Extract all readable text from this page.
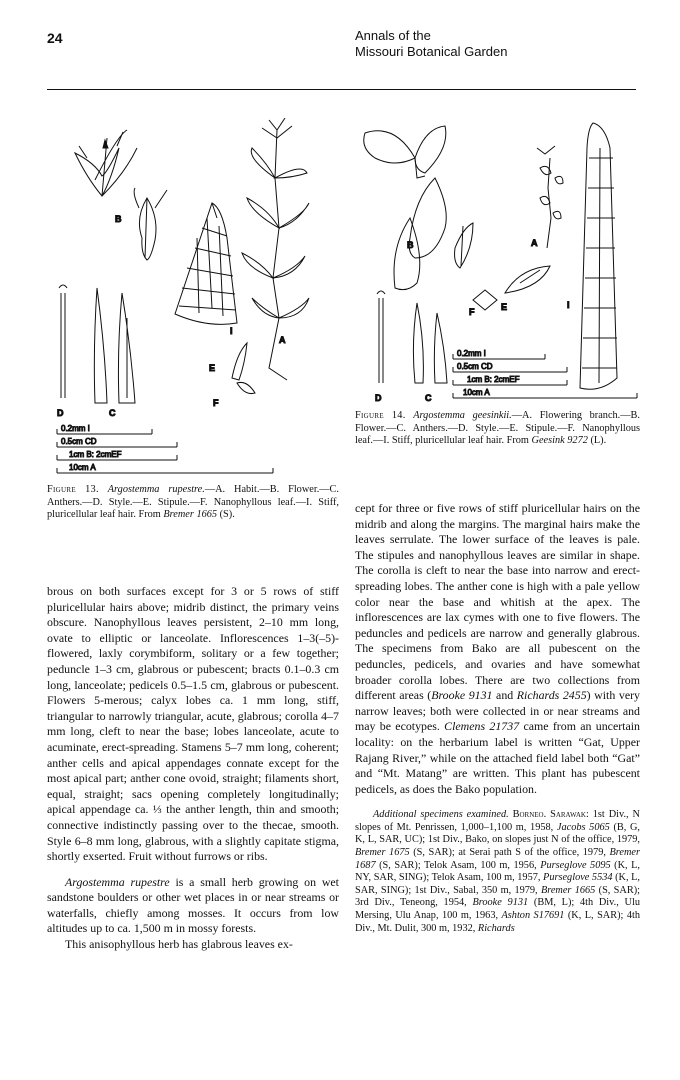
24	Annals of the
Missouri Botanical Garden
B
I
A
E
F
D	C
0.2mm I
0.5cm CD
1cm B: 2cmEF
10cm A
Figure 13. Argostemma rupestre.—A. Habit.—B. Flower.—C. Anthers.—D. Style.—E. Stipule.—F. Nanophyllous leaf.—I. Stiff, pluricellular leaf hair. From Bremer 1665 (S).
B	A
I
E
F
D	C
0.2mm I
0.5cm CD
1cm B: 2cmEF
10cm A
Figure 14. Argostemma geesinkii.—A. Flowering branch.—B. Flower.—C. Anthers.—D. Style.—E. Stipule.—F. Nanophyllous leaf.—I. Stiff, pluricellular leaf hair. From Geesink 9272 (L).

brous on both surfaces except for 3 or 5 rows of stiff pluricellular hairs above; midrib distinct, the primary veins obscure. Nanophyllous leaves persistent, 2–10 mm long, ovate to elliptic or lanceolate. Inflorescences 1–3(–5)-flowered, laxly corymbiform, solitary or a few together; peduncle 1–3 cm, glabrous or pubescent; bracts 0.1–0.3 cm long, lanceolate; pedicels 0.5–1.5 cm, glabrous or pubescent. Flowers 5-merous; calyx lobes ca. 1 mm long, stiff, triangular to narrowly triangular, acute, glabrous; corolla 4–7 mm long, cleft to near the base; lobes lanceolate, acute to acuminate, erect-spreading. Stamens 5–7 mm long, coherent; anther cells and apical appendages connate except for the most apical part; anther cone ovoid, straight; filaments short, equal, straight; sacs opening completely longitudinally; apical appendage ca. ⅓ the anther length, thin and smooth; connective indistinctly passing over to the thecae, smooth. Style 6–8 mm long, glabrous, with a slightly capitate stigma, shortly exserted. Fruit without furrows or ribs.

Argostemma rupestre is a small herb growing on wet sandstone boulders or other wet places in or near streams or waterfalls, chiefly among mosses. It occurs from low altitudes up to ca. 1,500 m in mossy forests.

This anisophyllous herb has glabrous leaves ex-

cept for three or five rows of stiff pluricellular hairs on the midrib and along the margins. The marginal hairs make the leaves serrulate. The lower surface of the leaves is pale. The stipules and nanophyllous leaves are similar in shape. The corolla is cleft to near the base into narrow and erect-spreading lobes. The anther cone is high with a pale yellow color near the base and whitish at the apex. The inflorescences are lax cymes with one to five flowers. The peduncles and pedicels are narrow and generally glabrous. The specimens from Bako are all pubescent on the peduncles, pedicels, and ovaries and have somewhat broader corolla lobes. There are two collections from different areas (Brooke 9131 and Richards 2455) with very narrow leaves; both were collected in or near streams and may be ecotypes. Clemens 21737 came from an uncertain locality: on the herbarium label is written “Gat, Upper Rajang River,” while on the attached field label both “Gat” and “Mt. Matang” are written. This plant has pubescent pedicels, as does the Bako population.

Additional specimens examined. Borneo. Sarawak: 1st Div., N slopes of Mt. Penrissen, 1,000–1,100 m, 1958, Jacobs 5065 (B, G, K, L, SAR, UC); 1st Div., Bako, on slopes just N of the office, 1979, Bremer 1675 (S, SAR); at Serai path S of the office, 1979, Bremer 1687 (S, SAR); Telok Asam, 100 m, 1956, Purseglove 5095 (K, L, NY, SAR, SING); Telok Asam, 100 m, 1957, Purseglove 5534 (K, L, SAR, SING); 1st Div., Sabal, 350 m, 1979, Bremer 1665 (S, SAR); 3rd Div., Teneong, 1954, Brooke 9131 (BM, L); 4th Div., Ulu Mersing, Ulu Anap, 100 m, 1963, Ashton S17691 (K, L, SAR); 4th Div., Mt. Dulit, 300 m, 1932, Richards
